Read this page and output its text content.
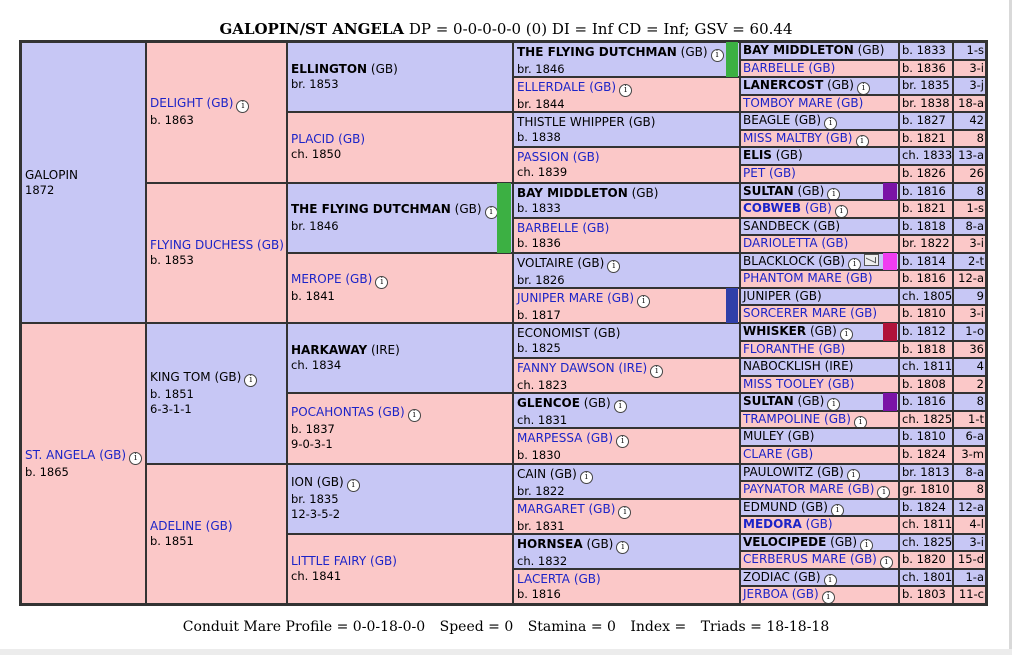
GALOPIN/ST ANGELA DP = 0-0-0-0-0 (0) DI = Inf CD = Inf; GSV = 60.44
GALOPIN
1872
ST. ANGELA (GB) i
b. 1865
DELIGHT (GB) i
b. 1863
FLYING DUCHESS (GB)
b. 1853
KING TOM (GB) i
b. 1851
6-3-1-1
ADELINE (GB)
b. 1851
ELLINGTON (GB)
br. 1853
PLACID (GB)
ch. 1850
THE FLYING DUTCHMAN (GB) i
br. 1846
MEROPE (GB) i
b. 1841
HARKAWAY (IRE)
ch. 1834
POCAHONTAS (GB) i
b. 1837
9-0-3-1
ION (GB) i
br. 1835
12-3-5-2
LITTLE FAIRY (GB)
ch. 1841
THE FLYING DUTCHMAN (GB) i
br. 1846
ELLERDALE (GB) i
br. 1844
THISTLE WHIPPER (GB)
b. 1838
PASSION (GB)
ch. 1839
BAY MIDDLETON (GB)
b. 1833
BARBELLE (GB)
b. 1836
VOLTAIRE (GB) i
br. 1826
JUNIPER MARE (GB) i
b. 1817
ECONOMIST (GB)
b. 1825
FANNY DAWSON (IRE) i
ch. 1823
GLENCOE (GB) i
ch. 1831
MARPESSA (GB) i
b. 1830
CAIN (GB) i
br. 1822
MARGARET (GB) i
br. 1831
HORNSEA (GB) i
ch. 1832
LACERTA (GB)
b. 1816
BAY MIDDLETON (GB)	b. 1833	1-s
BARBELLE (GB)	b. 1836	3-i
LANERCOST (GB) i	br. 1835	3-j
TOMBOY MARE (GB)	br. 1838 18-a
BEAGLE (GB) i	b. 1827	42
MISS MALTBY (GB) i	b. 1821	8
ELIS (GB)	ch. 1833 13-a
PET (GB)	b. 1826	26
SULTAN (GB) i	b. 1816	8
COBWEB (GB) i	b. 1821	1-s
SANDBECK (GB)	b. 1818	8-a
DARIOLETTA (GB)	br. 1822	3-i
BLACKLOCK (GB) i	b. 1814	2-t
PHANTOM MARE (GB)	b. 1816	12-a
JUNIPER (GB)	ch. 1805	9
SORCERER MARE (GB)	b. 1810	3-i
WHISKER (GB) i	b. 1812	1-o
FLORANTHE (GB)	b. 1818	36
NABOCKLISH (IRE)	ch. 1811	4
MISS TOOLEY (GB)	b. 1808	2
SULTAN (GB) i	b. 1816	8
TRAMPOLINE (GB) i	ch. 1825	1-t
MULEY (GB)	b. 1810	6-a
CLARE (GB)	b. 1824	3-m
PAULOWITZ (GB) i	br. 1813	8-a
PAYNATOR MARE (GB) i	gr. 1810	8
EDMUND (GB) i	b. 1824	12-a
MEDORA (GB)	ch. 1811	4-l
VELOCIPEDE (GB) i	ch. 1825	3-i
CERBERUS MARE (GB) i	b. 1820	15-d
ZODIAC (GB) i	ch. 1801	1-a
JERBOA (GB) i	b. 1803	11-c
Conduit Mare Profile = 0-0-18-0-0 Speed = 0 Stamina = 0 Index = Triads = 18-18-18
